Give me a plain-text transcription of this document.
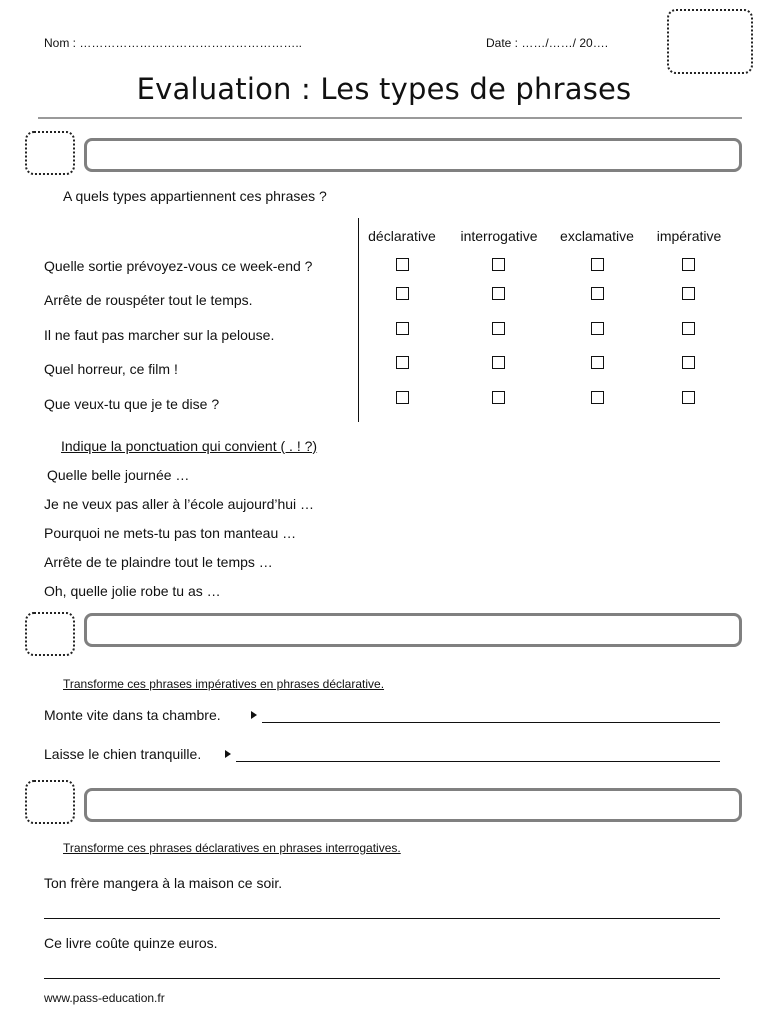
Nom : ………………………………………………..	Date : ……/……/ 20….
Evaluation : Les types de phrases
A quels types appartiennent ces phrases ?
déclarative	interrogative	exclamative	impérative
Quelle sortie prévoyez-vous ce week-end ?
Arrête de rouspéter tout le temps.
Il ne faut pas marcher sur la pelouse.
Quel horreur, ce film !
Que veux-tu que je te dise ?
Indique la ponctuation qui convient ( . ! ?)
Quelle belle journée …
Je ne veux pas aller à l’école aujourd’hui …
Pourquoi ne mets-tu pas ton manteau …
Arrête de te plaindre tout le temps …
Oh, quelle jolie robe tu as …
Transforme ces phrases impératives en phrases déclarative.
Monte vite dans ta chambre.
Laisse le chien tranquille.
Transforme ces phrases déclaratives en phrases interrogatives.
Ton frère mangera à la maison ce soir.
Ce livre coûte quinze euros.
www.pass-education.fr
